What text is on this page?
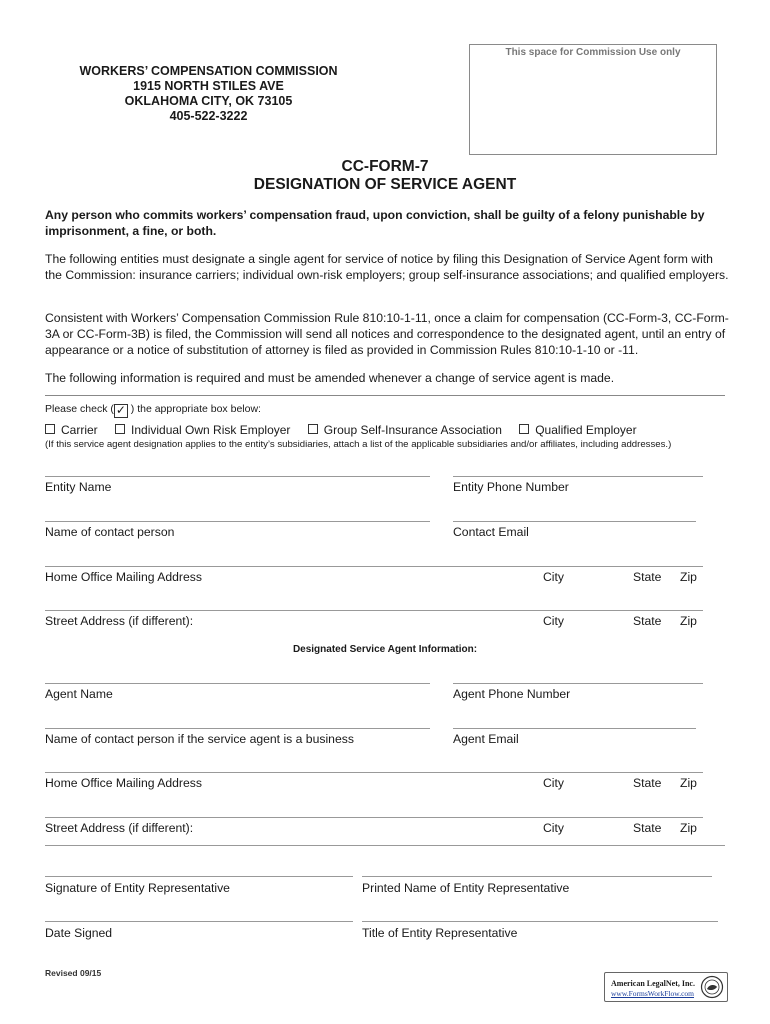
This space for Commission Use only
WORKERS’ COMPENSATION COMMISSION
1915 NORTH STILES AVE
OKLAHOMA CITY, OK 73105
405-522-3222
CC-FORM-7
DESIGNATION OF SERVICE AGENT
Any person who commits workers’ compensation fraud, upon conviction, shall be guilty of a felony punishable by imprisonment, a fine, or both.
The following entities must designate a single agent for service of notice by filing this Designation of Service Agent form with the Commission: insurance carriers; individual own-risk employers; group self-insurance associations; and qualified employers.
Consistent with Workers’ Compensation Commission Rule 810:10-1-11, once a claim for compensation (CC-Form-3, CC-Form-3A or CC-Form-3B) is filed, the Commission will send all notices and correspondence to the designated agent, until an entry of appearance or a notice of substitution of attorney is filed as provided in Commission Rules 810:10-1-10 or -11.
The following information is required and must be amended whenever a change of service agent is made.
Please check ( ✓ ) the appropriate box below:
Carrier	Individual Own Risk Employer	Group Self-Insurance Association	Qualified Employer
(If this service agent designation applies to the entity’s subsidiaries, attach a list of the applicable subsidiaries and/or affiliates, including addresses.)
Entity Name	Entity Phone Number
Name of contact person	Contact Email
Home Office Mailing Address	City	State Zip
Street Address (if different):	City	State Zip
Designated Service Agent Information:
Agent Name	Agent Phone Number
Name of contact person if the service agent is a business	Agent Email
Home Office Mailing Address	City	State Zip
Street Address (if different):	City	State Zip
Signature of Entity Representative	Printed Name of Entity Representative
Date Signed	Title of Entity Representative
Revised 09/15
American LegalNet, Inc.
www.FormsWorkFlow.com
